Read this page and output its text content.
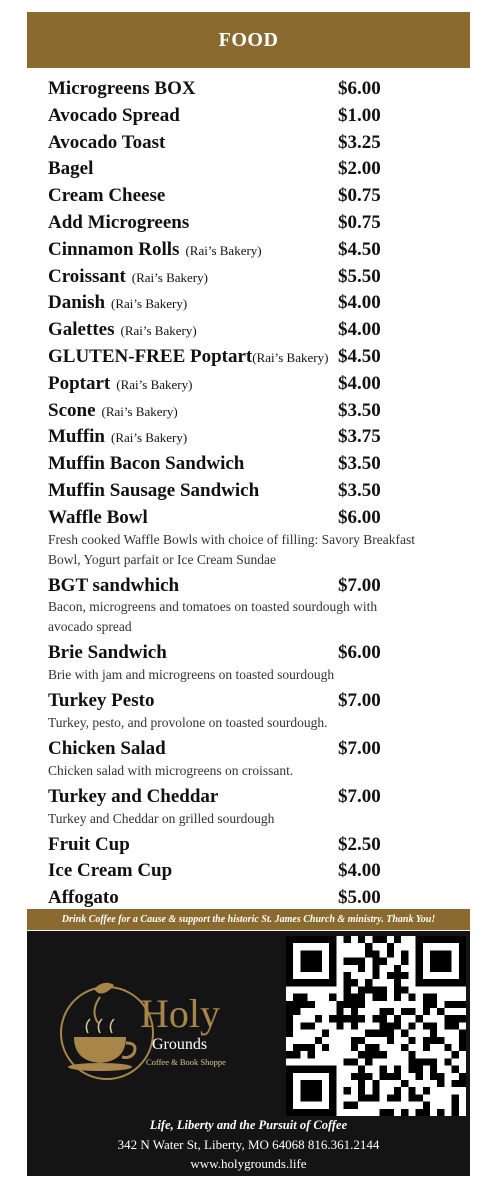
FOOD
Microgreens BOX	$6.00
Avocado Spread	$1.00
Avocado Toast	$3.25
Bagel	$2.00
Cream Cheese	$0.75
Add Microgreens	$0.75
Cinnamon Rolls (Rai’s Bakery)	$4.50
Croissant (Rai’s Bakery)	$5.50
Danish (Rai’s Bakery)	$4.00
Galettes (Rai’s Bakery)	$4.00
GLUTEN-FREE Poptart(Rai’s Bakery) $4.50
Poptart (Rai’s Bakery)	$4.00
Scone (Rai’s Bakery)	$3.50
Muffin (Rai’s Bakery)	$3.75
Muffin Bacon Sandwich	$3.50
Muffin Sausage Sandwich	$3.50
Waffle Bowl	$6.00
Fresh cooked Waffle Bowls with choice of filling: Savory Breakfast Bowl, Yogurt parfait or Ice Cream Sundae
BGT sandwhich	$7.00
Bacon, microgreens and tomatoes on toasted sourdough with avocado spread
Brie Sandwich	$6.00
Brie with jam and microgreens on toasted sourdough
Turkey Pesto	$7.00
Turkey, pesto, and provolone on toasted sourdough.
Chicken Salad	$7.00
Chicken salad with microgreens on croissant.
Turkey and Cheddar	$7.00
Turkey and Cheddar on grilled sourdough
Fruit Cup	$2.50
Ice Cream Cup	$4.00
Affogato	$5.00
Drink Coffee for a Cause & support the historic St. James Church & ministry. Thank You!
Holy
Grounds
Coffee & Book Shoppe
Life, Liberty and the Pursuit of Coffee
342 N Water St, Liberty, MO 64068 816.361.2144
www.holygrounds.life
